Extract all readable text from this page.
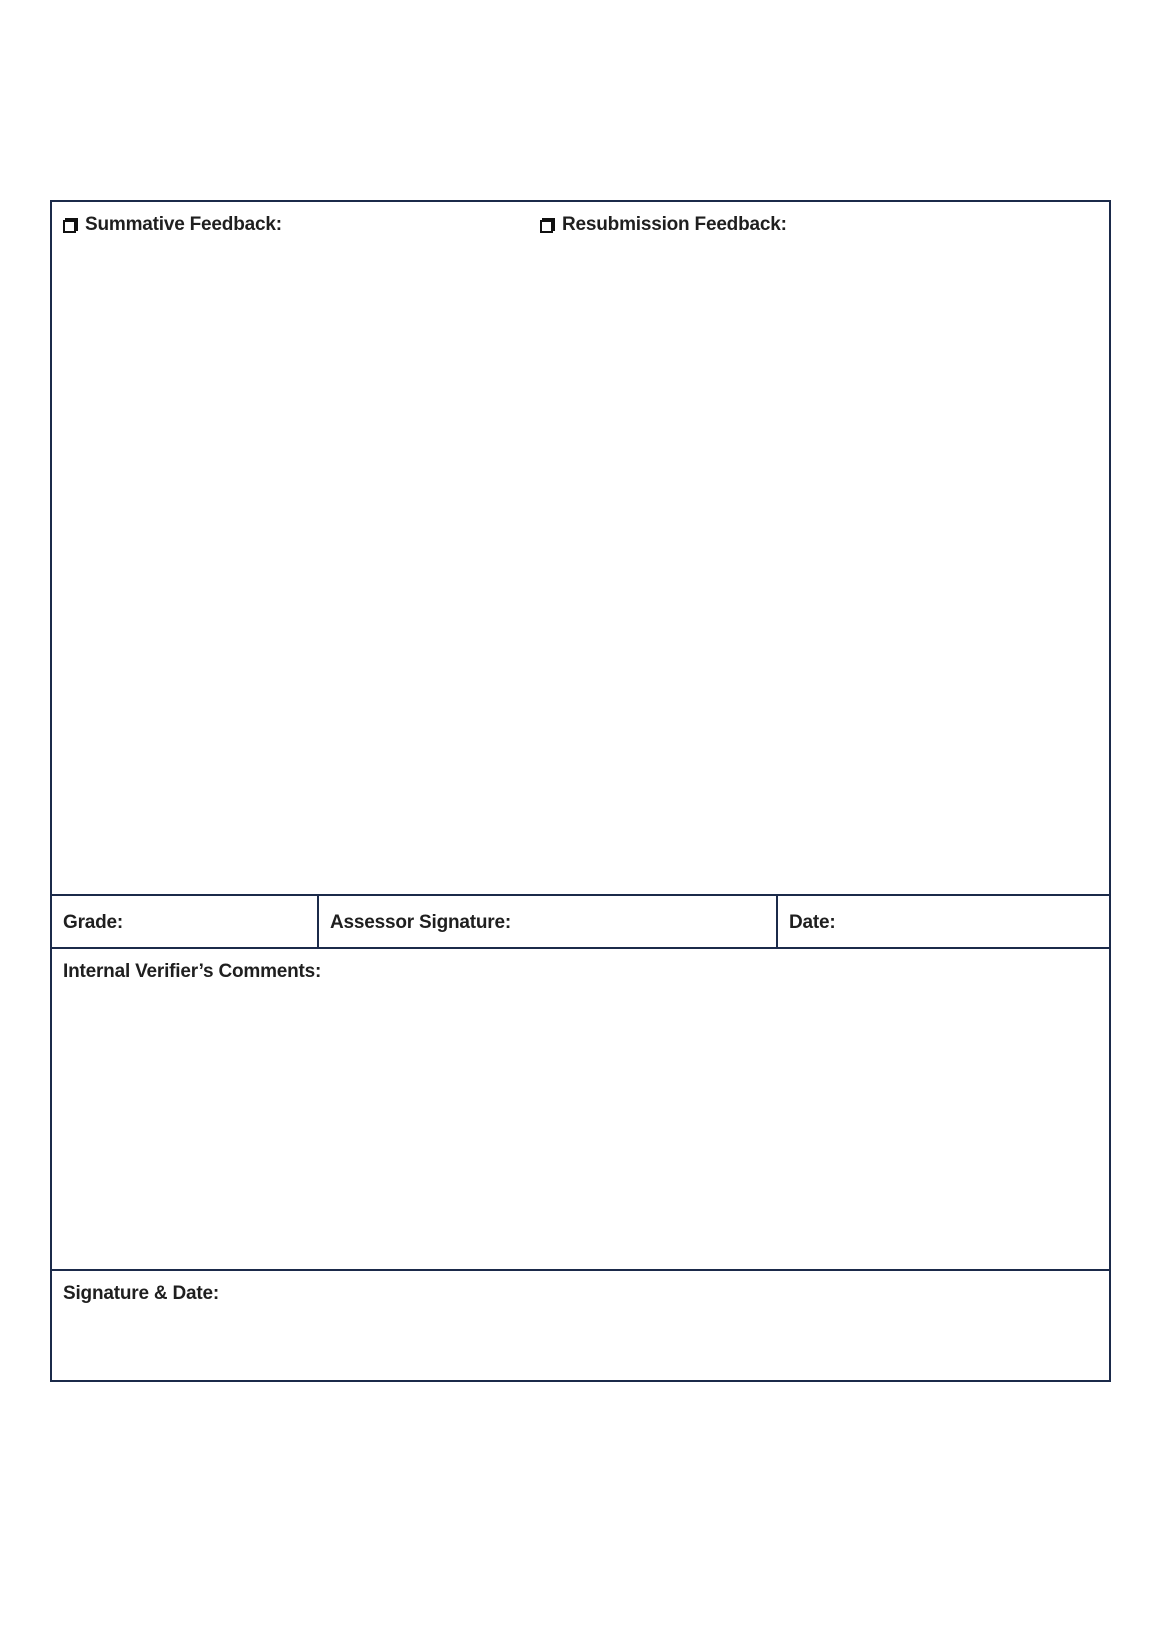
Summative Feedback:	Resubmission Feedback:
Grade:	Assessor Signature:	Date:
Internal Verifier’s Comments:
Signature & Date:
